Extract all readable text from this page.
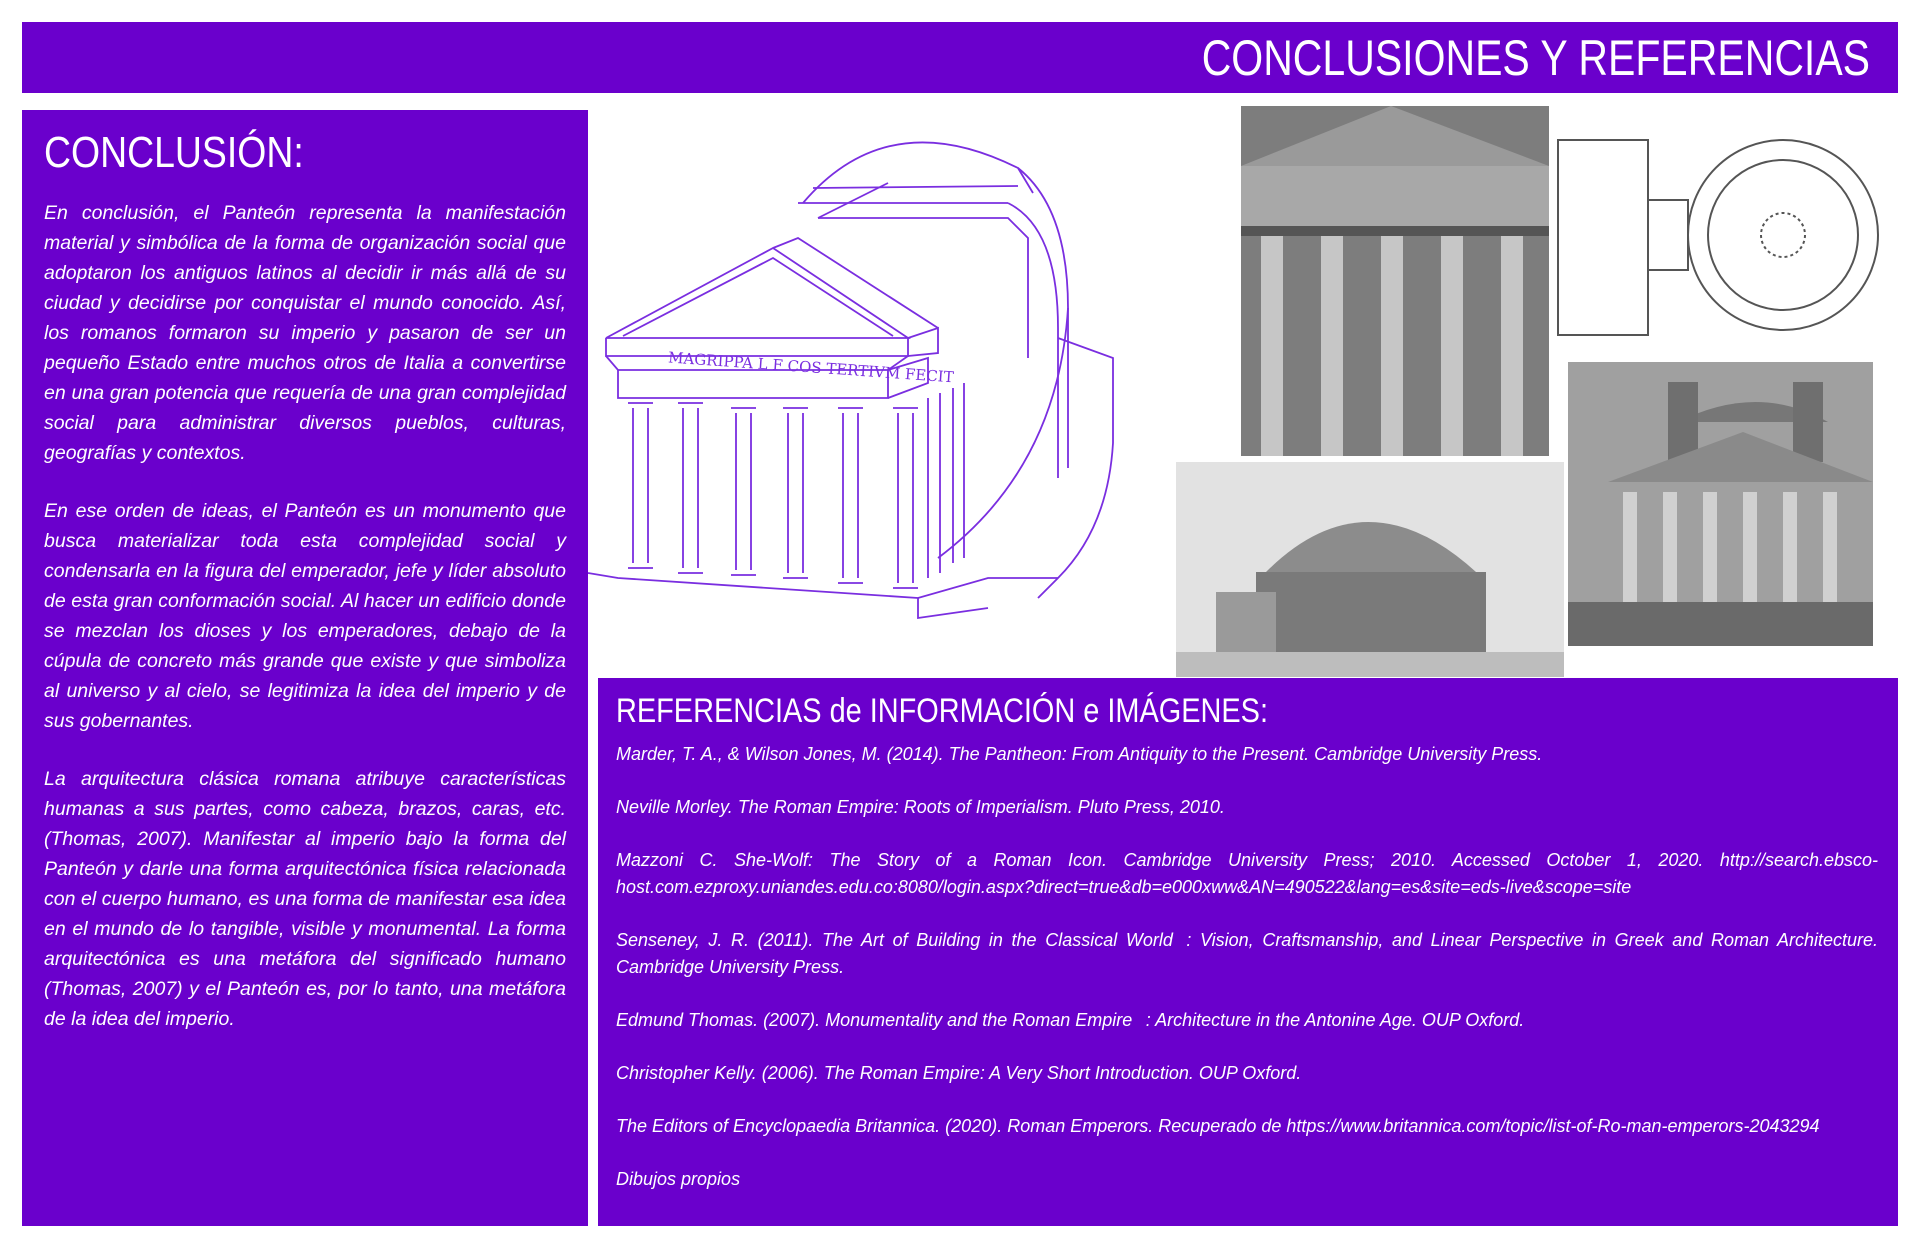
CONCLUSIONES Y REFERENCIAS
CONCLUSIÓN:

En conclusión, el Panteón representa la manifestación material y simbólica de la forma de organización social que adoptaron los antiguos latinos al decidir ir más allá de su ciudad y decidirse por conquistar el mundo conocido. Así, los romanos formaron su imperio y pasaron de ser un pequeño Estado entre muchos otros de Italia a convertirse en una gran potencia que requería de una gran complejidad social para administrar diversos pueblos, culturas, geografías y contextos.

En ese orden de ideas, el Panteón es un monumento que busca materializar toda esta complejidad social y condensarla en la figura del emperador, jefe y líder absoluto de esta gran conformación social. Al hacer un edificio donde se mezclan los dioses y los emperadores, debajo de la cúpula de concreto más grande que existe y que simboliza al universo y al cielo, se legitimiza la idea del imperio y de sus gobernantes.

La arquitectura clásica romana atribuye características humanas a sus partes, como cabeza, brazos, caras, etc. (Thomas, 2007). Manifestar al imperio bajo la forma del Panteón y darle una forma arquitectónica física relacionada con el cuerpo humano, es una forma de manifestar esa idea en el mundo de lo tangible, visible y monumental. La forma arquitectónica es una metáfora del significado humano (Thomas, 2007) y el Panteón es, por lo tanto, una metáfora de la idea del imperio.

MAGRIPPA L F COS TERTIVM FECIT
REFERENCIAS de INFORMACIÓN e IMÁGENES:

Marder, T. A., & Wilson Jones, M. (2014). The Pantheon: From Antiquity to the Present. Cambridge University Press.

Neville Morley. The Roman Empire: Roots of Imperialism. Pluto Press, 2010.

Mazzoni C. She-Wolf: The Story of a Roman Icon. Cambridge University Press; 2010. Accessed October 1, 2020. http://search.ebsco-host.com.ezproxy.uniandes.edu.co:8080/login.aspx?direct=true&db=e000xww&AN=490522&lang=es&site=eds-live&scope=site

Senseney, J. R. (2011). The Art of Building in the Classical World : Vision, Craftsmanship, and Linear Perspective in Greek and Roman Architecture. Cambridge University Press.

Edmund Thomas. (2007). Monumentality and the Roman Empire : Architecture in the Antonine Age. OUP Oxford.

Christopher Kelly. (2006). The Roman Empire: A Very Short Introduction. OUP Oxford.

The Editors of Encyclopaedia Britannica. (2020). Roman Emperors. Recuperado de https://www.britannica.com/topic/list-of-Ro-man-emperors-2043294

Dibujos propios
